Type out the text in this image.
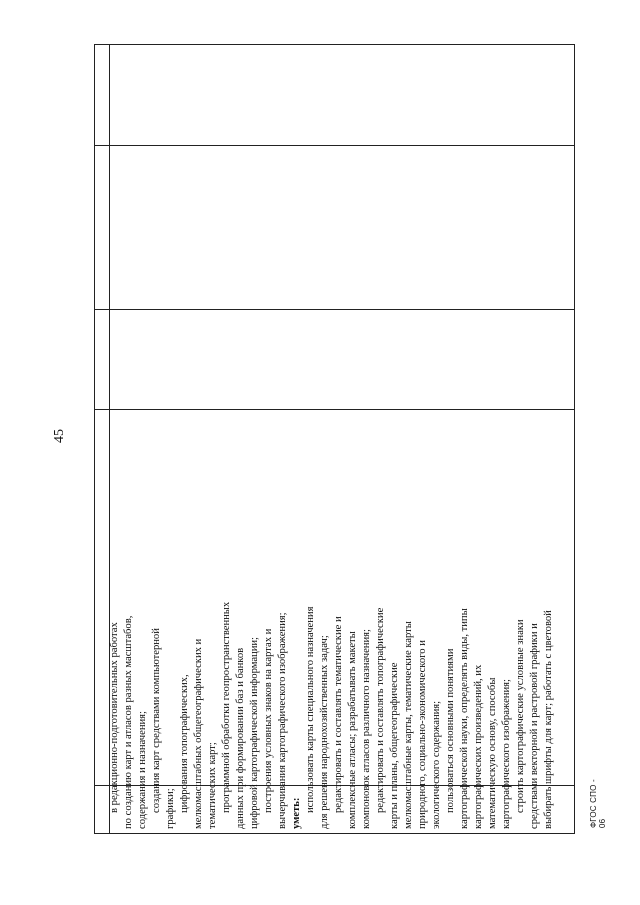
45
в редакционно-подготовительных работах по созданию карт и атласов разных масштабов, содержания и назначения; создания карт средствами компьютерной графики; цифрования топографических, мелкомасштабных общегеографических и тематических карт; программной обработки геопространственных данных при формировании баз и банков цифровой картографической информации; построения условных знаков на картах и вычерчивания картографического изображения; уметь:
использовать карты специального назначения для решения народнохозяйственных задач; редактировать и составлять тематические и комплексные атласы; разрабатывать макеты компоновок атласов различного назначения; редактировать и составлять топографические карты и планы, общегеографические мелкомасштабные карты, тематические карты природного, социально-экономического и экологического содержания; пользоваться основными понятиями картографической науки, определять виды, типы картографических произведений, их математическую основу, способы картографического изображения; строить картографические условные знаки средствами векторной и растровой графики и выбирать шрифты для карт; работать с цветовой	ФГОС СПО - 06
